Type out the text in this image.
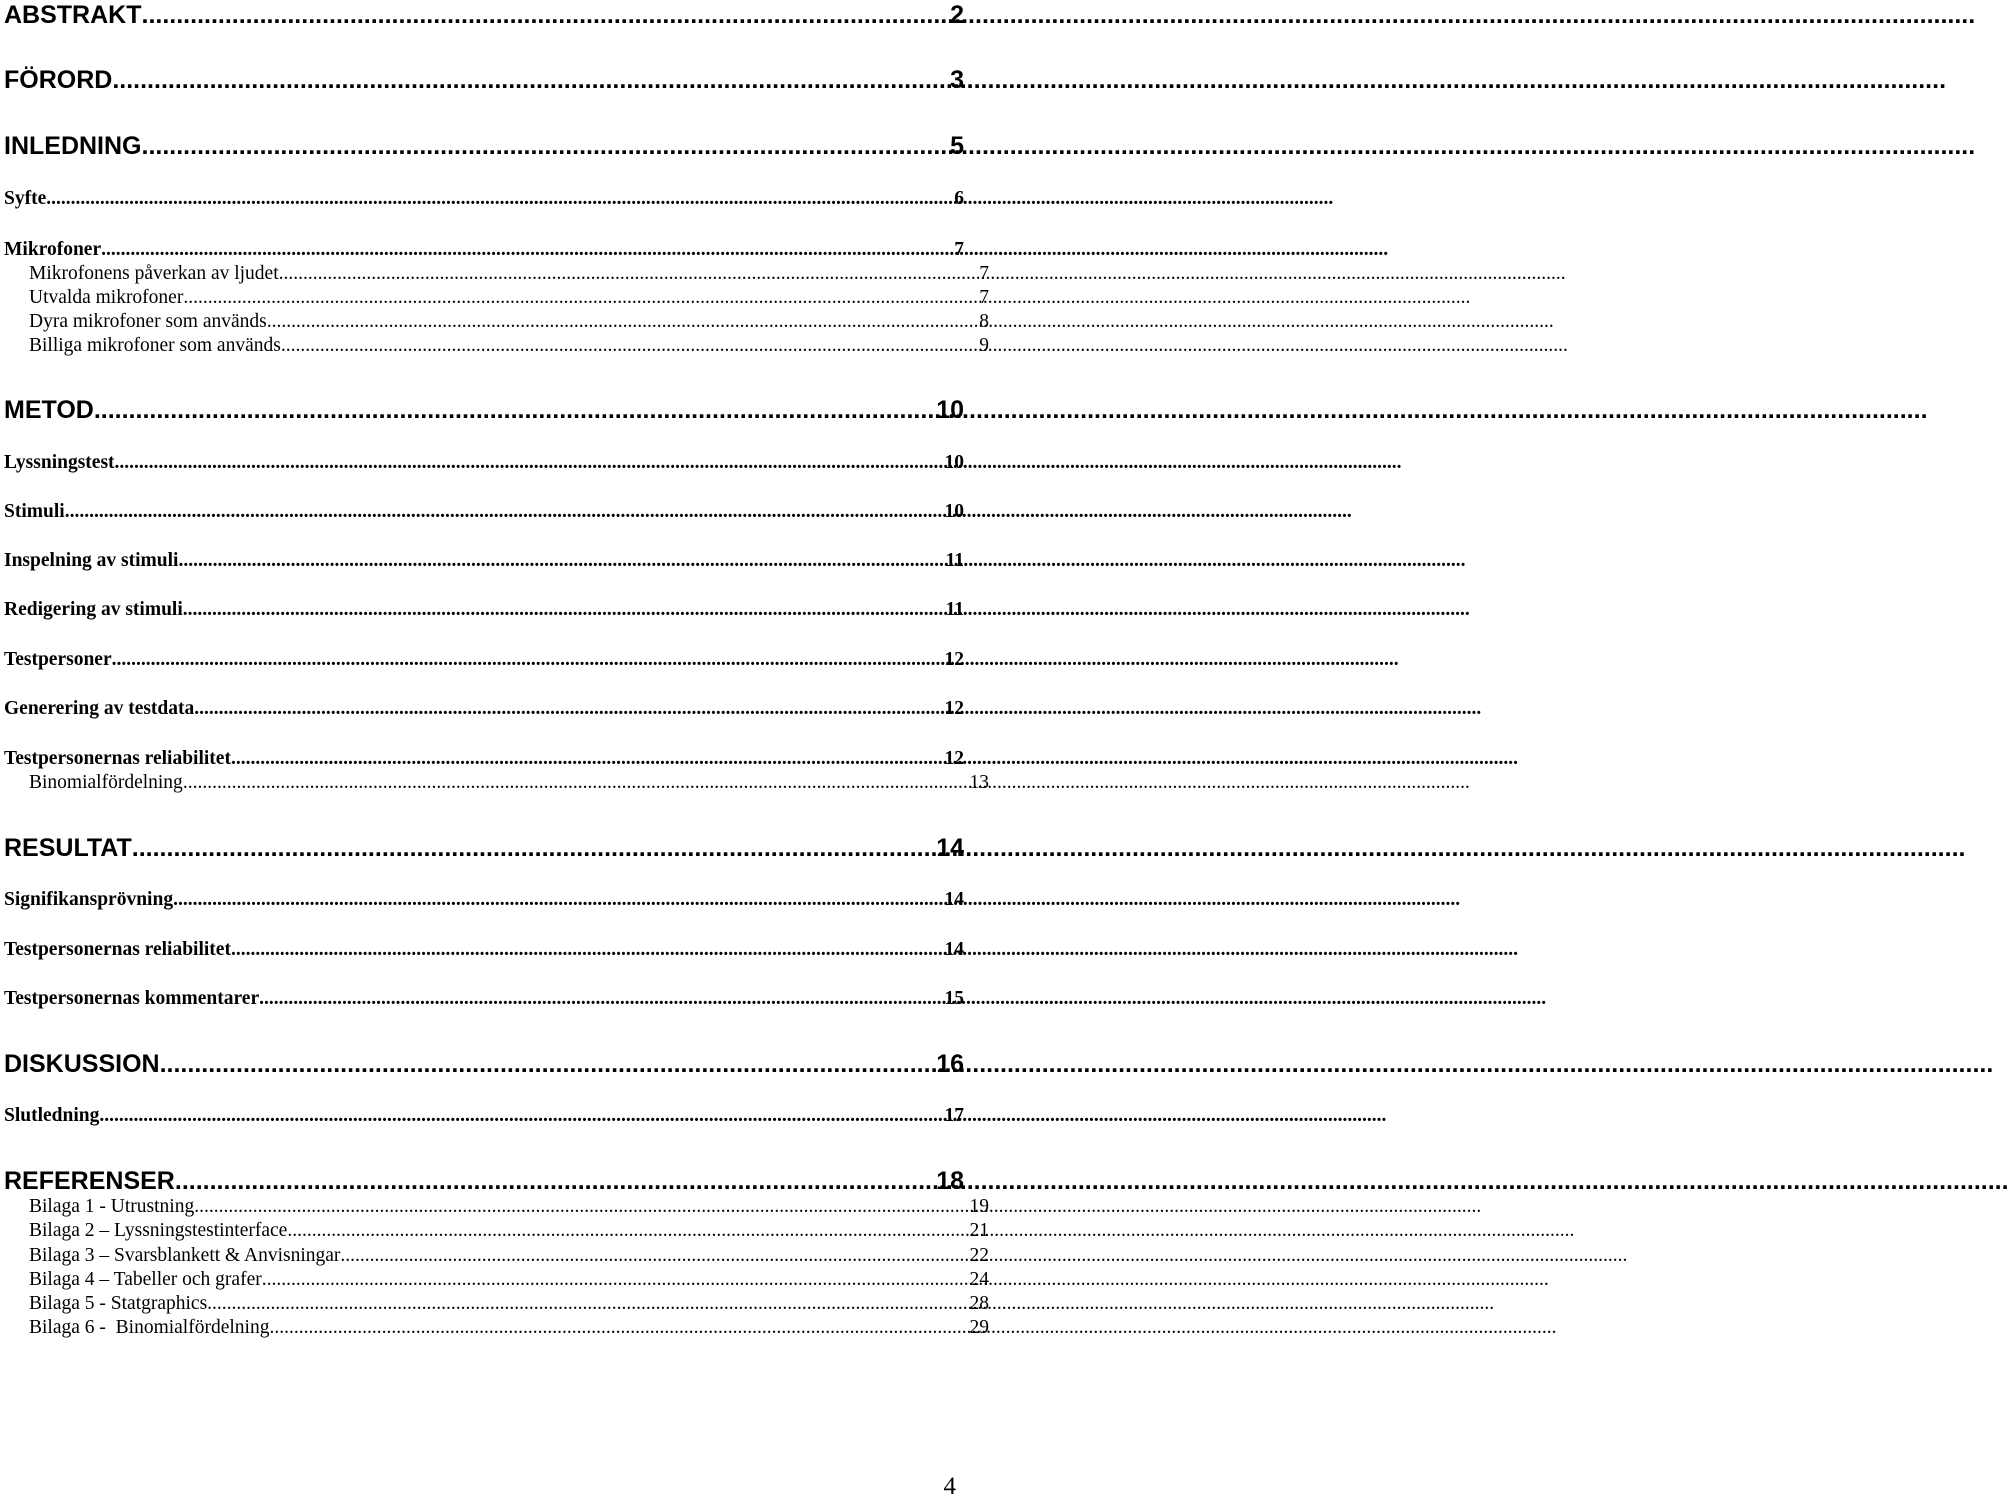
ABSTRAKT .....	2
FÖRORD .....	3
INLEDNING .....	5
Syfte .....	6
Mikrofoner .....	7
Mikrofonens påverkan av ljudet .....	7
Utvalda mikrofoner .....	7
Dyra mikrofoner som används .....	8
Billiga mikrofoner som används .....	9
METOD .....	10
Lyssningstest .....	10
Stimuli .....	10
Inspelning av stimuli .....	11
Redigering av stimuli .....	11
Testpersoner .....	12
Generering av testdata .....	12
Testpersonernas reliabilitet .....	12
Binomialfördelning .....	13
RESULTAT .....	14
Signifikansprövning .....	14
Testpersonernas reliabilitet .....	14
Testpersonernas kommentarer .....	15
DISKUSSION .....	16
Slutledning .....	17
REFERENSER .....	18
Bilaga 1 - Utrustning .....	19
Bilaga 2 – Lyssningstestinterface .....	21
Bilaga 3 – Svarsblankett & Anvisningar .....	22
Bilaga 4 – Tabeller och grafer .....	24
Bilaga 5 - Statgraphics .....	28
Bilaga 6 -  Binomialfördelning .....	29
4
